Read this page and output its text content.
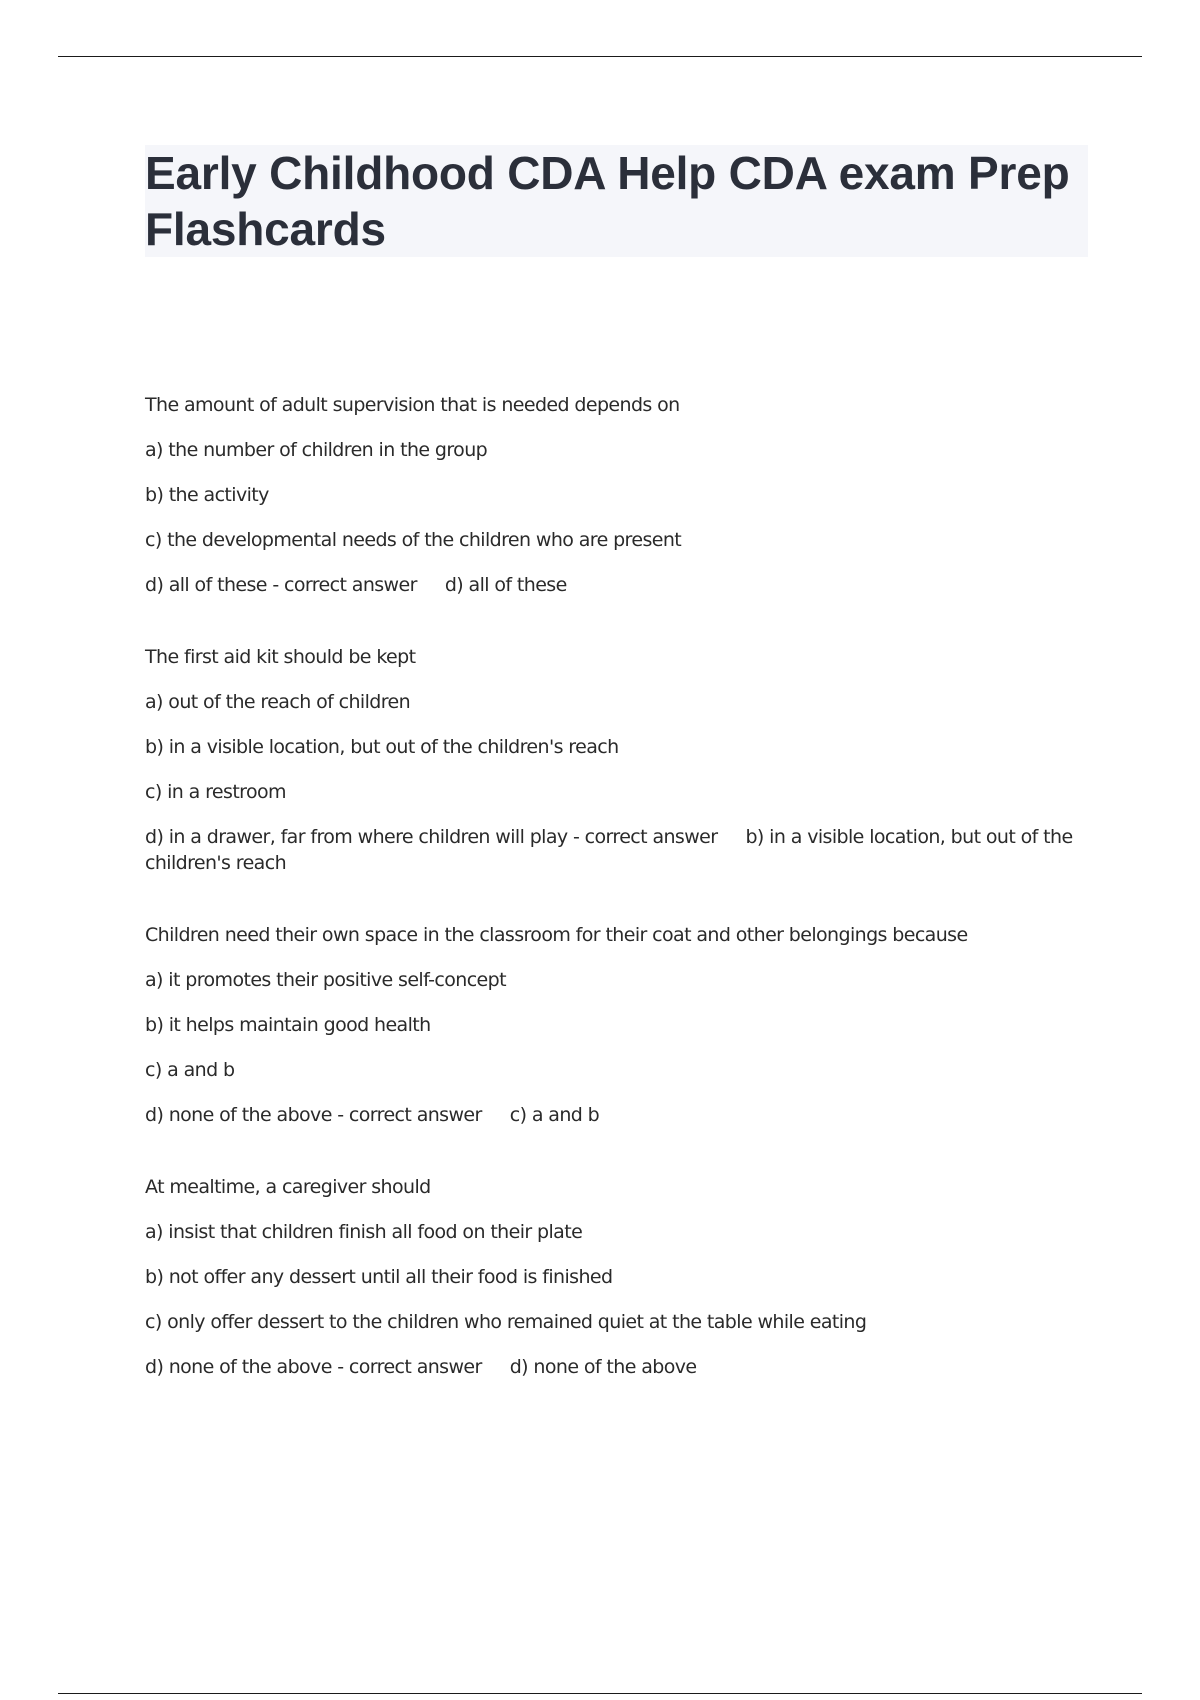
Early Childhood CDA Help CDA exam Prep Flashcards
The amount of adult supervision that is needed depends on
a) the number of children in the group
b) the activity
c) the developmental needs of the children who are present
d) all of these - correct answer d) all of these
The first aid kit should be kept
a) out of the reach of children
b) in a visible location, but out of the children's reach
c) in a restroom
d) in a drawer, far from where children will play - correct answer b) in a visible location, but out of the children's reach
Children need their own space in the classroom for their coat and other belongings because
a) it promotes their positive self-concept
b) it helps maintain good health
c) a and b
d) none of the above - correct answer c) a and b
At mealtime, a caregiver should
a) insist that children finish all food on their plate
b) not offer any dessert until all their food is finished
c) only offer dessert to the children who remained quiet at the table while eating
d) none of the above - correct answer d) none of the above
